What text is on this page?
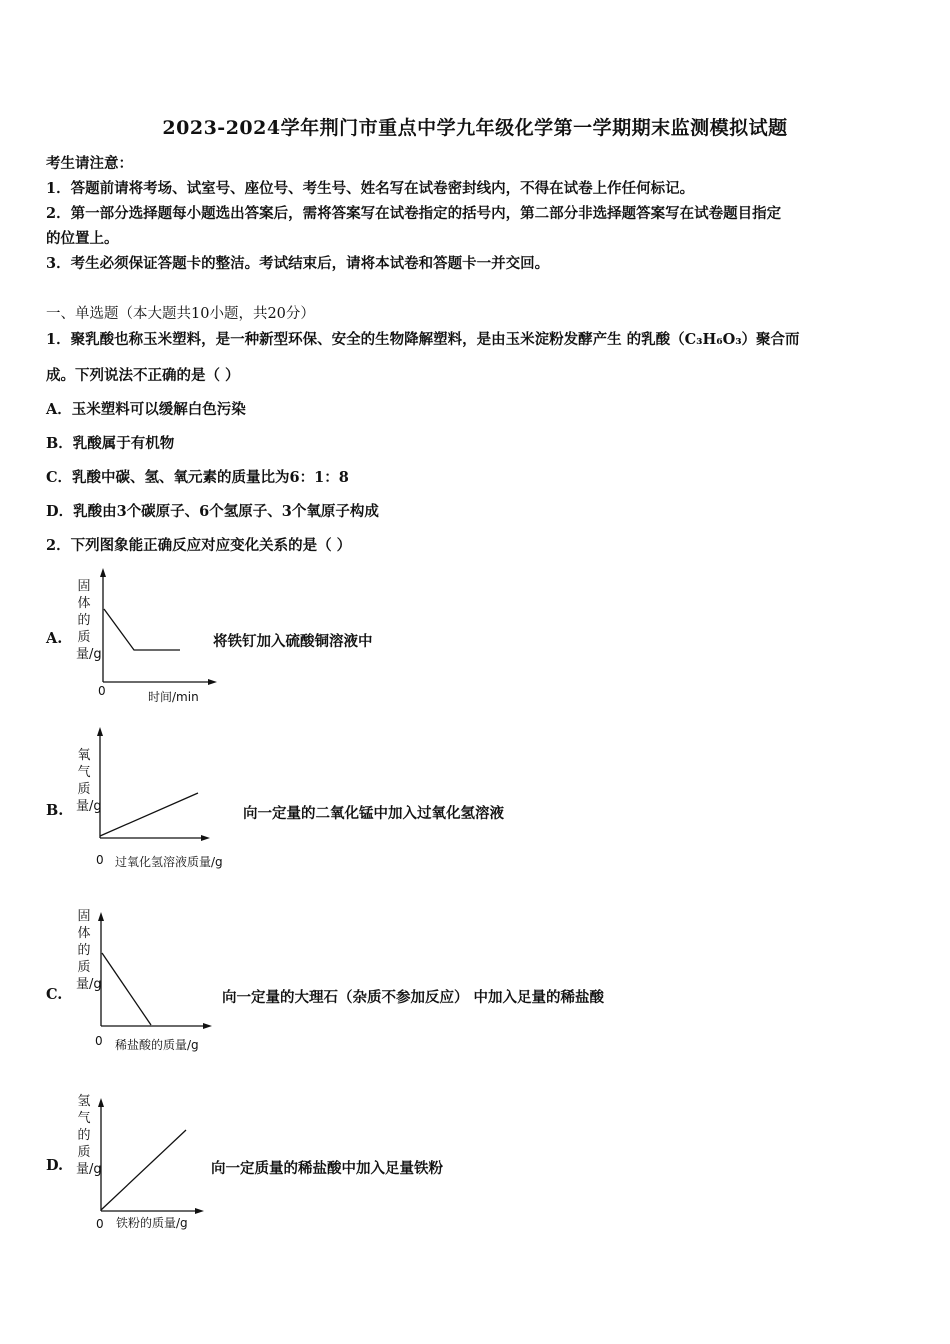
2023-2024学年荆门市重点中学九年级化学第一学期期末监测模拟试题
考生请注意：
1．答题前请将考场、试室号、座位号、考生号、姓名写在试卷密封线内，不得在试卷上作任何标记。
2．第一部分选择题每小题选出答案后，需将答案写在试卷指定的括号内，第二部分非选择题答案写在试卷题目指定
的位置上。
3．考生必须保证答题卡的整洁。考试结束后，请将本试卷和答题卡一并交回。
一、单选题（本大题共10小题，共20分）
1．聚乳酸也称玉米塑料，是一种新型环保、安全的生物降解塑料，是由玉米淀粉发酵产生 的乳酸（C₃H₆O₃）聚合而
成。下列说法不正确的是（ ）
A．玉米塑料可以缓解白色污染
B．乳酸属于有机物
C．乳酸中碳、氢、氧元素的质量比为6：1：8
D．乳酸由3个碳原子、6个氢原子、3个氧原子构成
2．下列图象能正确反应对应变化关系的是（ ）
A.
固体的质量/g
0	时间/min
将铁钉加入硫酸铜溶液中
B.
氧气质量/g
0 过氧化氢溶液质量/g
向一定量的二氧化锰中加入过氧化氢溶液
C.
固体的质量/g
0 稀盐酸的质量/g
向一定量的大理石（杂质不参加反应） 中加入足量的稀盐酸
D.
氢气的质量/g
0 铁粉的质量/g
向一定质量的稀盐酸中加入足量铁粉
